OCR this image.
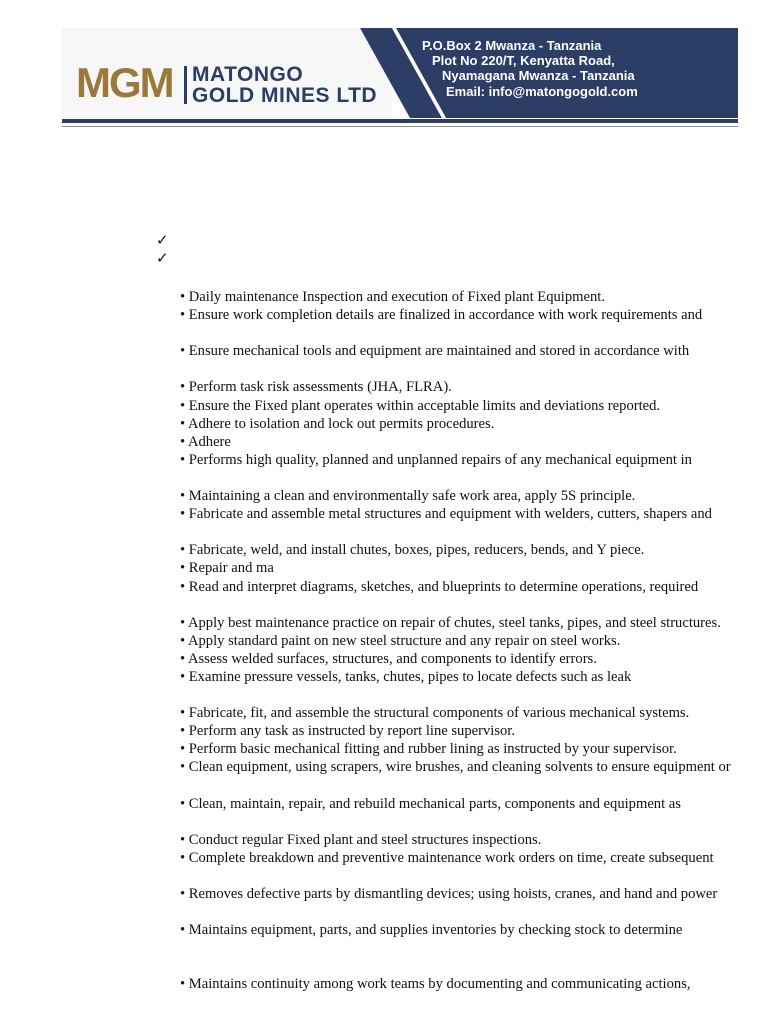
MGM MATONGO
GOLD MINES LTD
P.O.Box 2 Mwanza - Tanzania
Plot No 220/T, Kenyatta Road,
Nyamagana Mwanza - Tanzania
Email: info@matongogold.com
✓
✓
• Daily maintenance Inspection and execution of Fixed plant Equipment.
• Ensure work completion details are finalized in accordance with work requirements and
• Ensure mechanical tools and equipment are maintained and stored in accordance with
• Perform task risk assessments (JHA, FLRA).
• Ensure the Fixed plant operates within acceptable limits and deviations reported.
• Adhere to isolation and lock out permits procedures.
• Adhere
• Performs high quality, planned and unplanned repairs of any mechanical equipment in
• Maintaining a clean and environmentally safe work area, apply 5S principle.
• Fabricate and assemble metal structures and equipment with welders, cutters, shapers and
• Fabricate, weld, and install chutes, boxes, pipes, reducers, bends, and Y piece.
• Repair and ma
• Read and interpret diagrams, sketches, and blueprints to determine operations, required
• Apply best maintenance practice on repair of chutes, steel tanks, pipes, and steel structures.
• Apply standard paint on new steel structure and any repair on steel works.
• Assess welded surfaces, structures, and components to identify errors.
• Examine pressure vessels, tanks, chutes, pipes to locate defects such as leak
• Fabricate, fit, and assemble the structural components of various mechanical systems.
• Perform any task as instructed by report line supervisor.
• Perform basic mechanical fitting and rubber lining as instructed by your supervisor.
• Clean equipment, using scrapers, wire brushes, and cleaning solvents to ensure equipment or
• Clean, maintain, repair, and rebuild mechanical parts, components and equipment as
• Conduct regular Fixed plant and steel structures inspections.
• Complete breakdown and preventive maintenance work orders on time, create subsequent
• Removes defective parts by dismantling devices; using hoists, cranes, and hand and power
• Maintains equipment, parts, and supplies inventories by checking stock to determine
• Maintains continuity among work teams by documenting and communicating actions,
